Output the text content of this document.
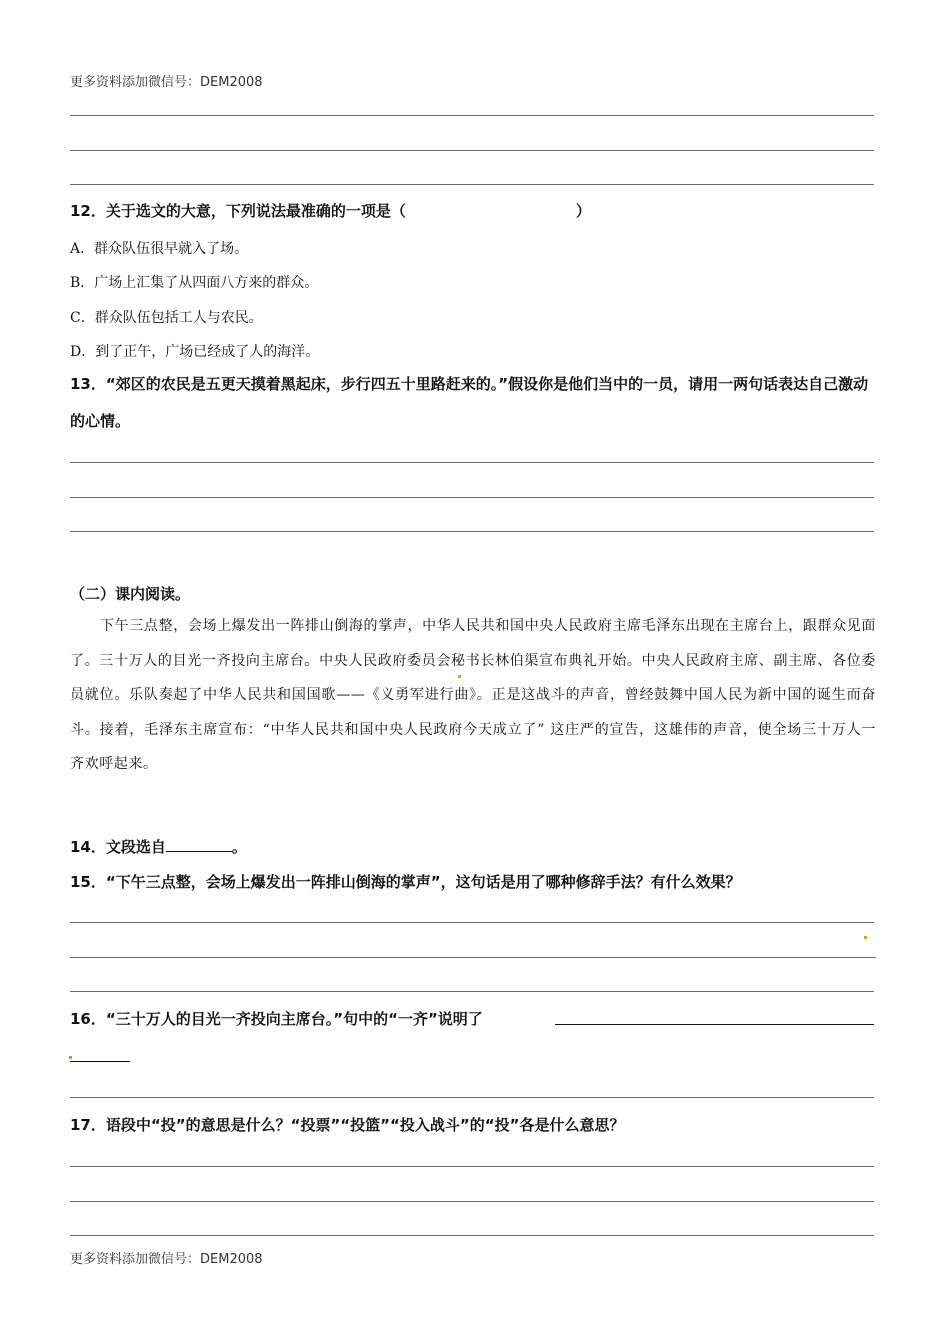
更多资料添加微信号：DEM2008
12．关于选文的大意，下列说法最准确的一项是（	）
A．群众队伍很早就入了场。
B．广场上汇集了从四面八方来的群众。
C．群众队伍包括工人与农民。
D．到了正午，广场已经成了人的海洋。
13．“郊区的农民是五更天摸着黑起床，步行四五十里路赶来的。”假设你是他们当中的一员，请用一两句话表达自己激动的心情。
（二）课内阅读。

下午三点整，会场上爆发出一阵排山倒海的掌声，中华人民共和国中央人民政府主席毛泽东出现在主席台上，跟群众见面了。三十万人的目光一齐投向主席台。中央人民政府委员会秘书长林伯渠宣布典礼开始。中央人民政府主席、副主席、各位委员就位。乐队奏起了中华人民共和国国歌——《义勇军进行曲》。正是这战斗的声音，曾经鼓舞中国人民为新中国的诞生而奋斗。接着，毛泽东主席宣布：“中华人民共和国中央人民政府今天成立了” 这庄严的宣告，这雄伟的声音，使全场三十万人一齐欢呼起来。

14．文段选自	。
15．“下午三点整，会场上爆发出一阵排山倒海的掌声”，这句话是用了哪种修辞手法？有什么效果？
16．“三十万人的目光一齐投向主席台。”句中的“一齐”说明了
17．语段中“投”的意思是什么？“投票”“投篮”“投入战斗”的“投”各是什么意思？
更多资料添加微信号：DEM2008
